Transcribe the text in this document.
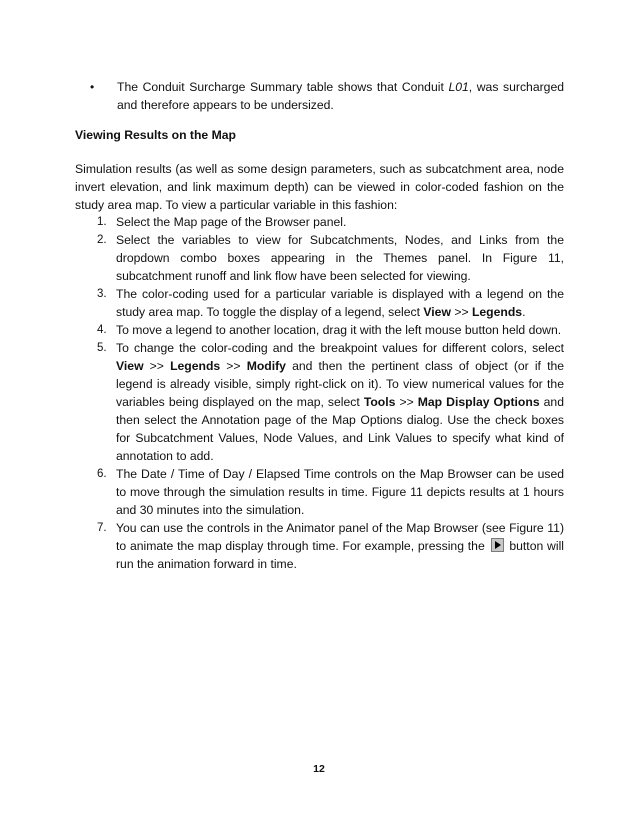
• The Conduit Surcharge Summary table shows that Conduit L01, was surcharged and therefore appears to be undersized.
Viewing Results on the Map
Simulation results (as well as some design parameters, such as subcatchment area, node invert elevation, and link maximum depth) can be viewed in color-coded fashion on the study area map. To view a particular variable in this fashion:
1. Select the Map page of the Browser panel.
2. Select the variables to view for Subcatchments, Nodes, and Links from the dropdown combo boxes appearing in the Themes panel. In Figure 11, subcatchment runoff and link flow have been selected for viewing.
3. The color-coding used for a particular variable is displayed with a legend on the study area map. To toggle the display of a legend, select View >> Legends.
4. To move a legend to another location, drag it with the left mouse button held down.
5. To change the color-coding and the breakpoint values for different colors, select View >> Legends >> Modify and then the pertinent class of object (or if the legend is already visible, simply right-click on it). To view numerical values for the variables being displayed on the map, select Tools >> Map Display Options and then select the Annotation page of the Map Options dialog. Use the check boxes for Subcatchment Values, Node Values, and Link Values to specify what kind of annotation to add.
6. The Date / Time of Day / Elapsed Time controls on the Map Browser can be used to move through the simulation results in time. Figure 11 depicts results at 1 hours and 30 minutes into the simulation.
7. You can use the controls in the Animator panel of the Map Browser (see Figure 11) to animate the map display through time. For example, pressing the  button will run the animation forward in time.
12
